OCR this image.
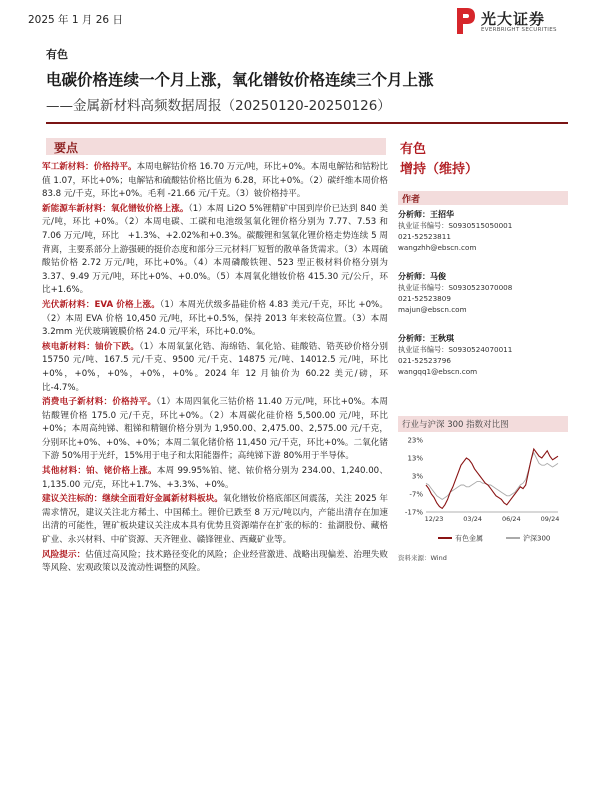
2025 年 1 月 26 日	光大证券
EVERBRIGHT SECURITIES
有色
电碳价格连续一个月上涨，氧化镨钕价格连续三个月上涨
——金属新材料高频数据周报（20250120-20250126）
要点

军工新材料：价格持平。本周电解钴价格 16.70 万元/吨，环比+0%。本周电解钴和钴粉比值 1.07，环比+0%；电解钴和硫酸钴价格比值为 6.28，环比+0%。（2）碳纤维本周价格 83.8 元/千克，环比+0%。毛利 -21.66 元/千克。（3）铍价格持平。

新能源车新材料：氧化镨钕价格上涨。（1）本周 Li2O 5%锂精矿中国到岸价已达到 840 美元/吨，环比 +0%。（2）本周电碳、工碳和电池级氢氧化锂价格分别为 7.77、7.53 和 7.06 万元/吨，环比　+1.3%、+2.02%和+0.3%。碳酸锂和氢氧化锂价格走势连续 5 周背离，主要系部分上游强硬的挺价态度和部分三元材料厂短暂的散单备货需求。（3）本周硫酸钴价格 2.72 万元/吨，环比+0%。（4）本周磷酸铁锂、523 型正极材料价格分别为 3.37、9.49 万元/吨，环比+0%、+0.0%。（5）本周氧化镨钕价格 415.30 元/公斤，环比+1.6%。

光伏新材料：EVA 价格上涨。（1）本周光伏级多晶硅价格 4.83 美元/千克，环比 +0%。（2）本周 EVA 价格 10,450 元/吨，环比+0.5%，保持 2013 年来较高位置。（3）本周 3.2mm 光伏玻璃镀膜价格 24.0 元/平米，环比+0.0%。

核电新材料：铀价下跌。（1）本周氧氯化锆、海绵锆、氧化铪、硅酸锆、锆英砂价格分别 15750 元/吨、167.5 元/千克、9500 元/千克、14875 元/吨、14012.5 元/吨，环比+0%，+0%，+0%，+0%，+0%。2024 年 12 月铀价为 60.22 美元/磅，环比-4.7%。

消费电子新材料：价格持平。（1）本周四氧化三钴价格 11.40 万元/吨，环比+0%。本周钴酸锂价格 175.0 元/千克，环比+0%。（2）本周碳化硅价格 5,500.00 元/吨，环比 +0%；本周高纯锑、粗锑和精锢价格分别为 1,950.00、2,475.00、2,575.00 元/千克，分别环比+0%、+0%、+0%；本周二氧化锗价格 11,450 元/千克，环比+0%。二氧化锗下游 50%用于光纤，15%用于电子和太阳能器件；高纯锑下游 80%用于半导体。

其他材料：铂、铑价格上涨。本周 99.95%铂、铑、铱价格分别为 234.00、1,240.00、1,135.00 元/克，环比+1.7%、+3.3%、+0%。

建议关注标的：继续全面看好金属新材料板块。氧化镨钕价格底部区间震荡，关注 2025 年需求情况，建议关注北方稀土、中国稀土。锂价已跌至 8 万元/吨以内，产能出清存在加速出清的可能性，锂矿板块建议关注成本具有优势且资源端存在扩张的标的：盐湖股份、藏格矿业、永兴材料、中矿资源、天齐锂业、赣锋锂业、西藏矿业等。

风险提示：估值过高风险；技术路径变化的风险；企业经营激进、战略出现偏差、治理失败等风险、宏观政策以及流动性调整的风险。

有色
增持（维持）
作者
分析师：王招华
执业证书编号：S0930515050001
021-52523811
wangzhh@ebscn.com
分析师：马俊
执业证书编号：S0930523070008
021-52523809
majun@ebscn.com
分析师：王秋琪
执业证书编号：S0930524070011
021-52523796
wangqq1@ebscn.com
行业与沪深 300 指数对比图
23%
13%
3%
-7%
-17%
12/23	03/24	06/24	09/24
有色金属	沪深300
资料来源：Wind
